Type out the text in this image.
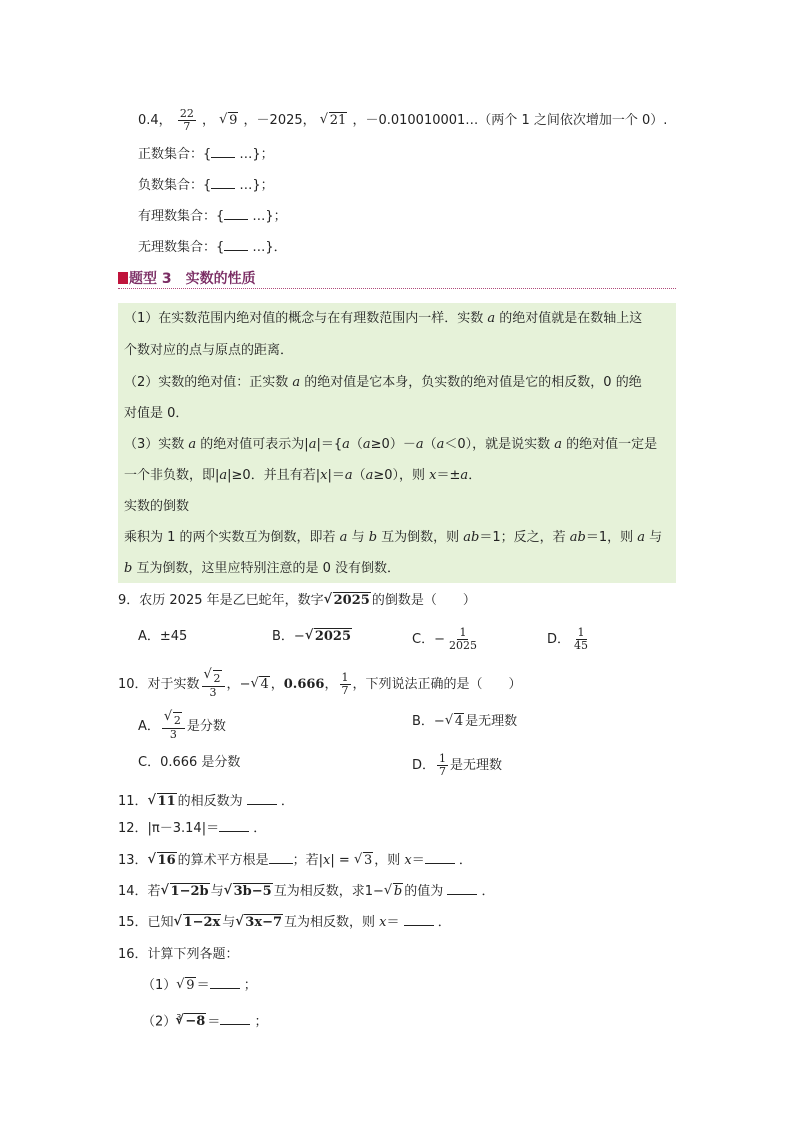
0.4， $\frac{22}{7}$ ， √ 9 ，－2025， √ 21 ，－0.010010001…（两个 1 之间依次增加一个 0）.
正数集合：{ …}；
负数集合：{ …}；
有理数集合：{ …}；
无理数集合：{ …}．
题型 3　实数的性质
（1）在实数范围内绝对值的概念与在有理数范围内一样．实数 a 的绝对值就是在数轴上这
个数对应的点与原点的距离．
（2）实数的绝对值：正实数 a 的绝对值是它本身，负实数的绝对值是它的相反数，0 的绝
对值是 0．
（3）实数 a 的绝对值可表示为|a|＝{a（a≥0）－a（a＜0），就是说实数 a 的绝对值一定是
一个非负数，即|a|≥0．并且有若|x|＝a（a≥0），则 x＝±a．
实数的倒数
乘积为 1 的两个实数互为倒数，即若 a 与 b 互为倒数，则 ab＝1；反之，若 ab＝1，则 a 与
b 互为倒数，这里应特别注意的是 0 没有倒数．
9．农历 2025 年是乙巳蛇年，数字√ 2025 的倒数是（　　）
A．±45	B．−√ 2025	C．− $\frac{1}{2025}$	D． $\frac{1}{45}$
10．对于实数
√ $\frac{2}{3}$ ，−√ 4 ，0.666， $\frac{1}{7}$ ，下列说法正确的是（　　）
A．
√ $\frac{2}{3}$ 是分数	B．−√ 4 是无理数
C．0.666 是分数	D． $\frac{1}{7}$ 是无理数
11．√ 11 的相反数为  ．
12．|π－3.14|＝ ．
13．√ 16 的算术平方根是 ；若|x| = √ 3 ，则 x＝ ．
14．若√ 1−2b 与√ 3b−5 互为相反数，求1−√ b 的值为  ．
15．已知√ 1−2x 与√ 3x−7 互为相反数，则 x＝  ．
16．计算下列各题：
（1）√ 9 ＝ ；
$(2)^3√ -8$ ＝ ；
